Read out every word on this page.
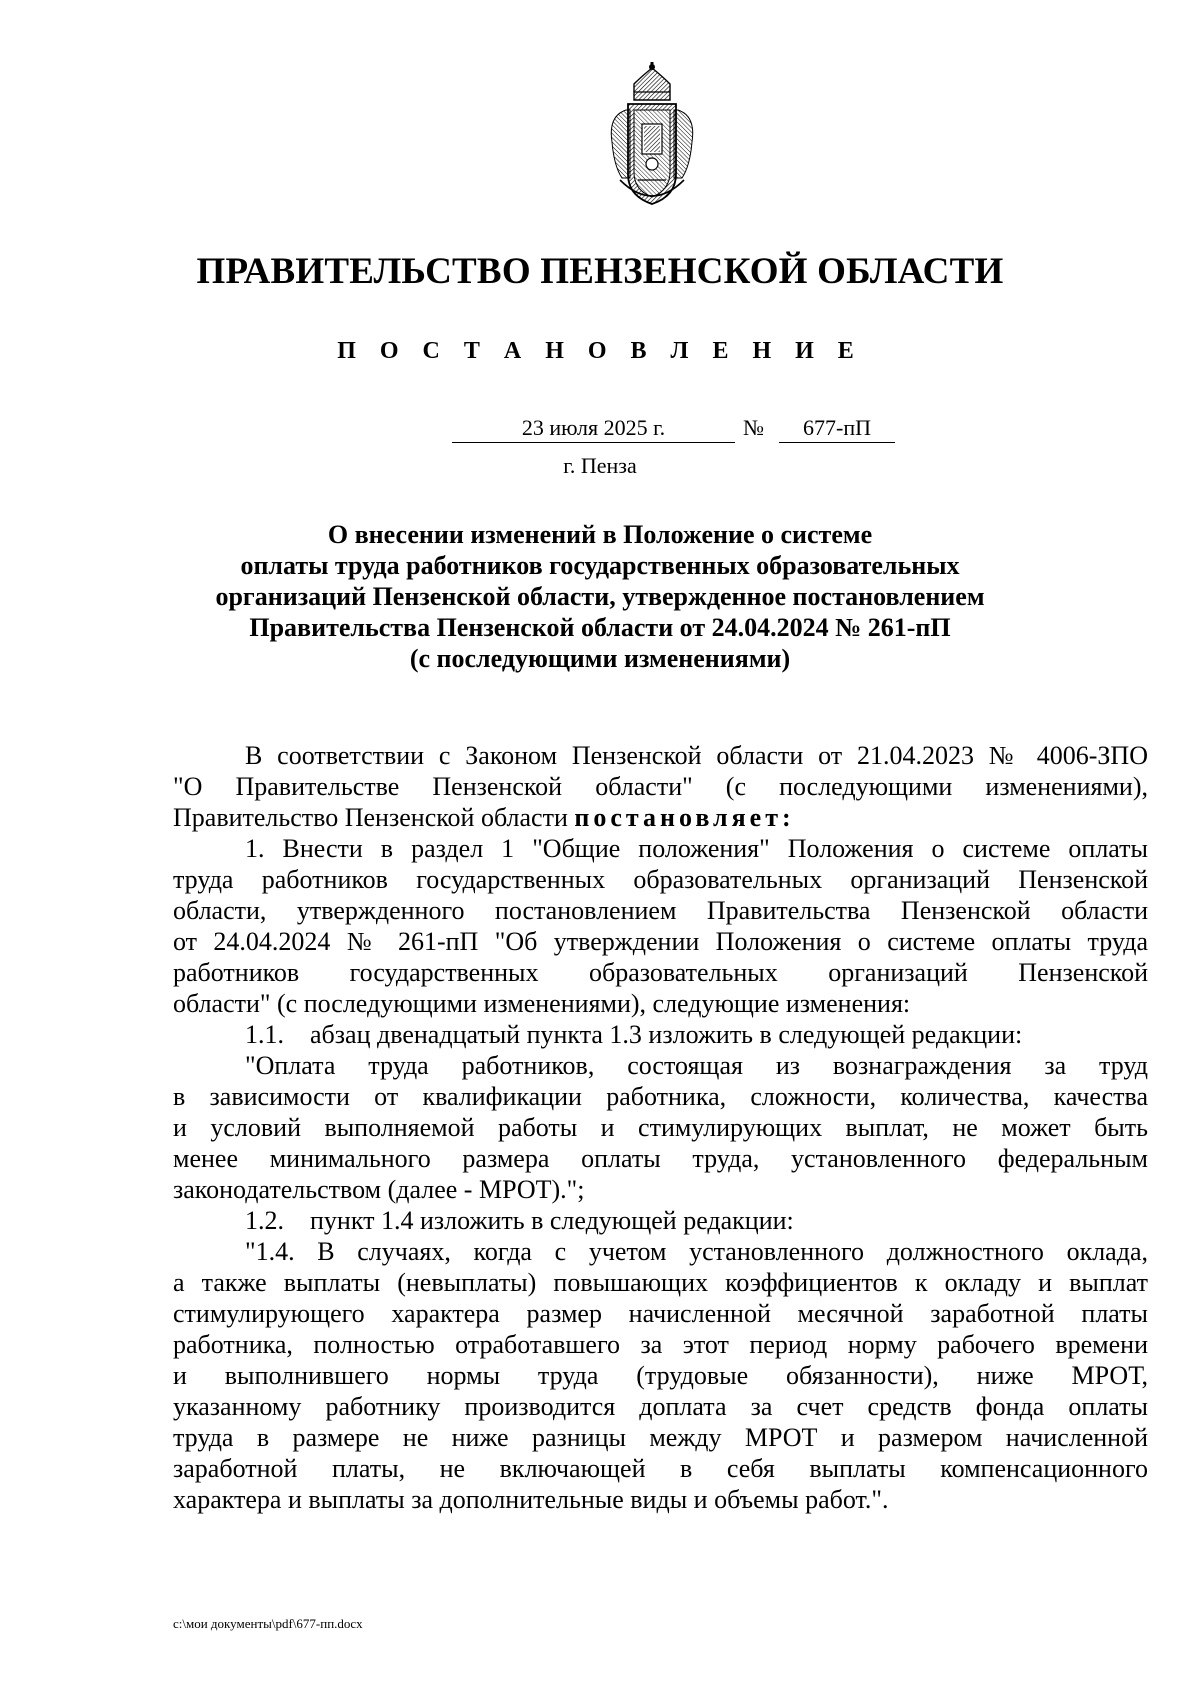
ПРАВИТЕЛЬСТВО ПЕНЗЕНСКОЙ ОБЛАСТИ
П О С Т А Н О В Л Е Н И Е
23 июля 2025 г.	№	677-пП
г. Пенза
О внесении изменений в Положение о системе
оплаты труда работников государственных образовательных
организаций Пензенской области, утвержденное постановлением
Правительства Пензенской области от 24.04.2024 № 261-пП
(с последующими изменениями)
В соответствии с Законом Пензенской области от 21.04.2023 № 4006-ЗПО
"О Правительстве Пензенской области" (с последующими изменениями),
Правительство Пензенской области постановляет:
1. Внести в раздел 1 "Общие положения" Положения о системе оплаты
труда работников государственных образовательных организаций Пензенской
области, утвержденного постановлением Правительства Пензенской области
от 24.04.2024 № 261-пП "Об утверждении Положения о системе оплаты труда
работников государственных образовательных организаций Пензенской
области" (с последующими изменениями), следующие изменения:
1.1.    абзац двенадцатый пункта 1.3 изложить в следующей редакции:
"Оплата труда работников, состоящая из вознаграждения за труд
в зависимости от квалификации работника, сложности, количества, качества
и условий выполняемой работы и стимулирующих выплат, не может быть
менее минимального размера оплаты труда, установленного федеральным
законодательством (далее - МРОТ).";
1.2.    пункт 1.4 изложить в следующей редакции:
"1.4. В случаях, когда с учетом установленного должностного оклада,
а также выплаты (невыплаты) повышающих коэффициентов к окладу и выплат
стимулирующего характера размер начисленной месячной заработной платы
работника, полностью отработавшего за этот период норму рабочего времени
и выполнившего нормы труда (трудовые обязанности), ниже МРОТ,
указанному работнику производится доплата за счет средств фонда оплаты
труда в размере не ниже разницы между МРОТ и размером начисленной
заработной платы, не включающей в себя выплаты компенсационного
характера и выплаты за дополнительные виды и объемы работ.".
c:\мои документы\pdf\677-пп.docx
